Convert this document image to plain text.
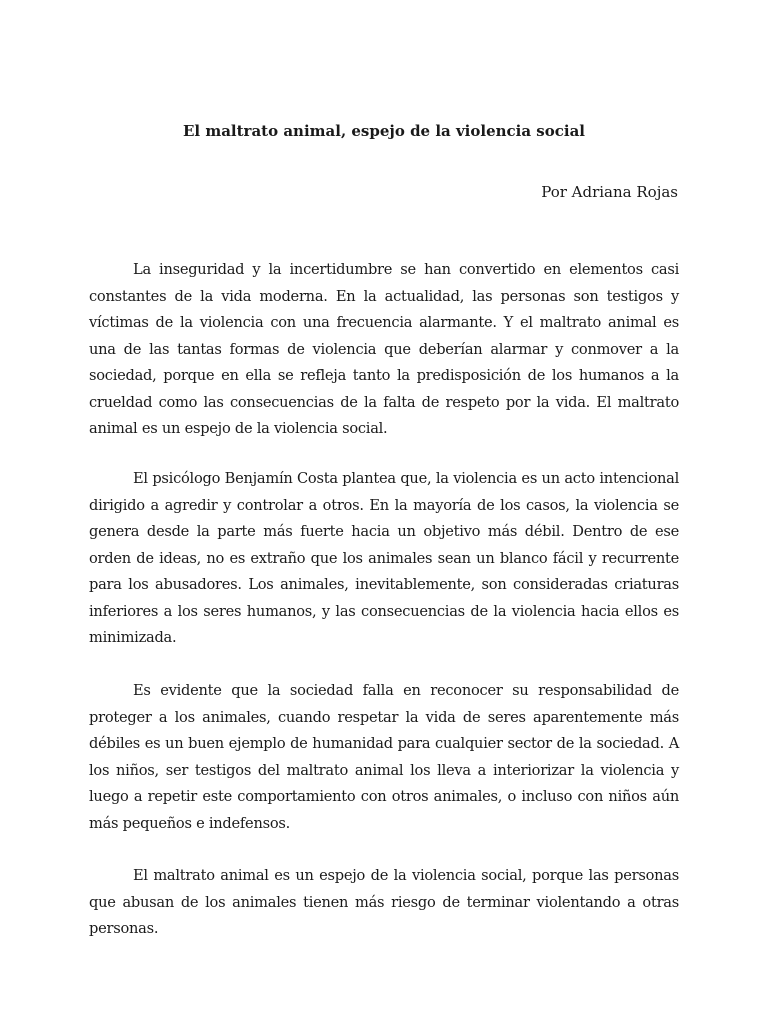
El maltrato animal, espejo de la violencia social

Por Adriana Rojas

La inseguridad y la incertidumbre se han convertido en elementos casi constantes de la vida moderna. En la actualidad, las personas son testigos y víctimas de la violencia con una frecuencia alarmante. Y el maltrato animal es una de las tantas formas de violencia que deberían alarmar y conmover a la sociedad, porque en ella se refleja tanto la predisposición de los humanos a la crueldad como las consecuencias de la falta de respeto por la vida. El maltrato animal es un espejo de la violencia social.

El psicólogo Benjamín Costa plantea que, la violencia es un acto intencional dirigido a agredir y controlar a otros. En la mayoría de los casos, la violencia se genera desde la parte más fuerte hacia un objetivo más débil. Dentro de ese orden de ideas, no es extraño que los animales sean un blanco fácil y recurrente para los abusadores. Los animales, inevitablemente, son consideradas criaturas inferiores a los seres humanos, y las consecuencias de la violencia hacia ellos es minimizada.

Es evidente que la sociedad falla en reconocer su responsabilidad de proteger a los animales, cuando respetar la vida de seres aparentemente más débiles es un buen ejemplo de humanidad para cualquier sector de la sociedad. A los niños, ser testigos del maltrato animal los lleva a interiorizar la violencia y luego a repetir este comportamiento con otros animales, o incluso con niños aún más pequeños e indefensos.

El maltrato animal es un espejo de la violencia social, porque las personas que abusan de los animales tienen más riesgo de terminar violentando a otras personas.
